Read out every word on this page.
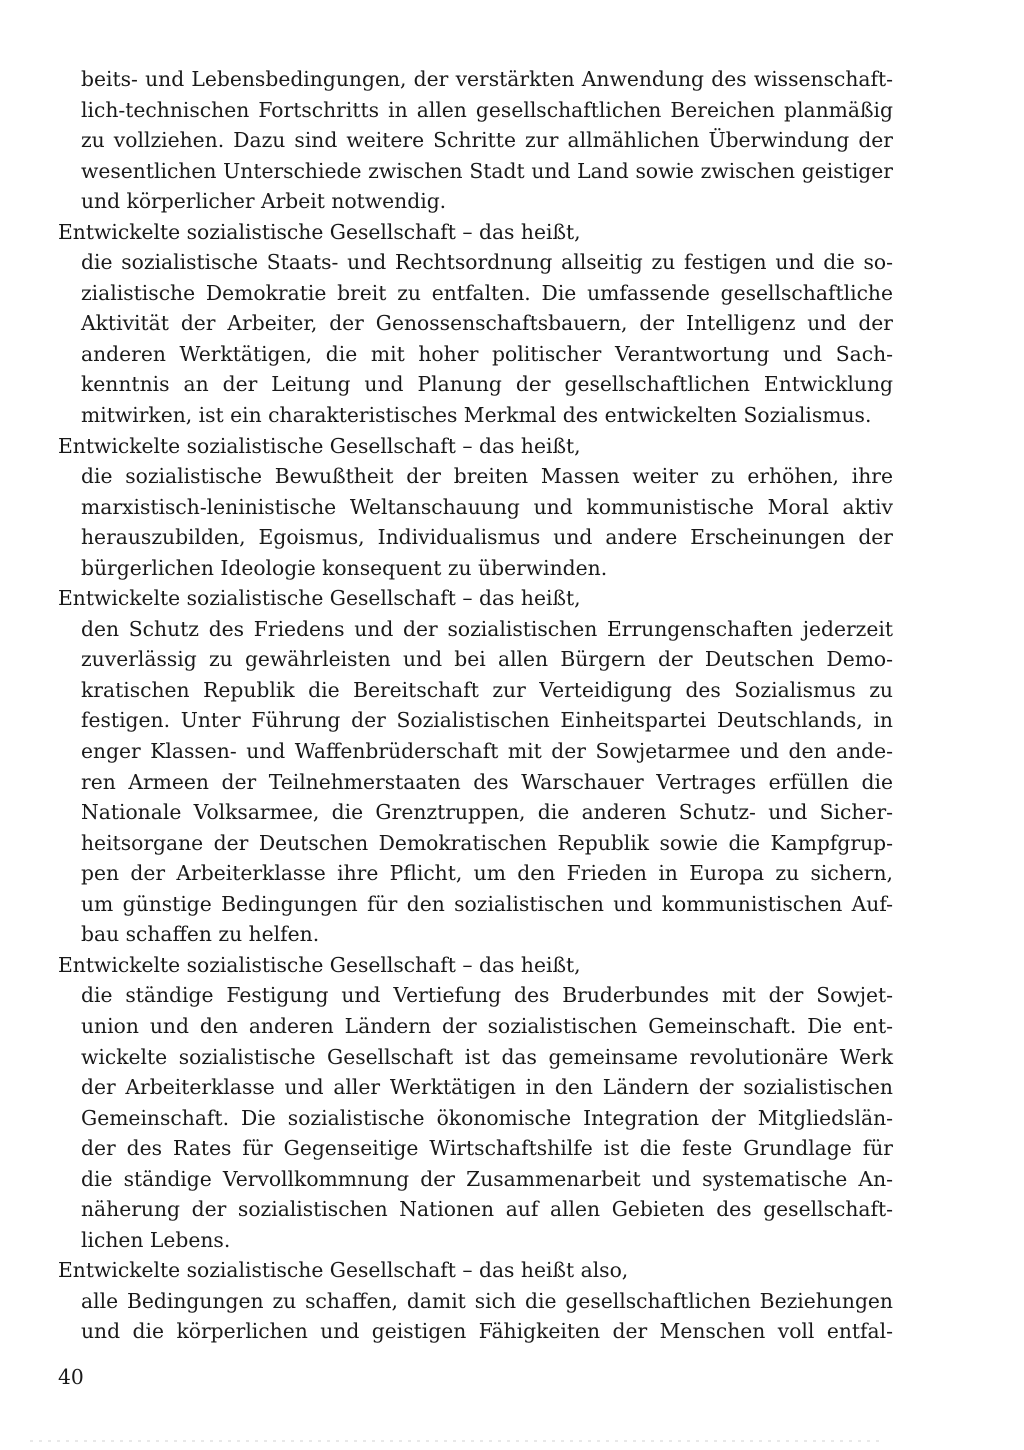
beits- und Lebensbedingungen, der verstärkten Anwendung des wissenschaft-
lich-technischen Fortschritts in allen gesellschaftlichen Bereichen planmäßig
zu vollziehen. Dazu sind weitere Schritte zur allmählichen Überwindung der
wesentlichen Unterschiede zwischen Stadt und Land sowie zwischen geistiger
und körperlicher Arbeit notwendig.
Entwickelte sozialistische Gesellschaft – das heißt,
die sozialistische Staats- und Rechtsordnung allseitig zu festigen und die so-
zialistische Demokratie breit zu entfalten. Die umfassende gesellschaftliche
Aktivität der Arbeiter, der Genossenschaftsbauern, der Intelligenz und der
anderen Werktätigen, die mit hoher politischer Verantwortung und Sach-
kenntnis an der Leitung und Planung der gesellschaftlichen Entwicklung
mitwirken, ist ein charakteristisches Merkmal des entwickelten Sozialismus.
Entwickelte sozialistische Gesellschaft – das heißt,
die sozialistische Bewußtheit der breiten Massen weiter zu erhöhen, ihre
marxistisch-leninistische Weltanschauung und kommunistische Moral aktiv
herauszubilden, Egoismus, Individualismus und andere Erscheinungen der
bürgerlichen Ideologie konsequent zu überwinden.
Entwickelte sozialistische Gesellschaft – das heißt,
den Schutz des Friedens und der sozialistischen Errungenschaften jederzeit
zuverlässig zu gewährleisten und bei allen Bürgern der Deutschen Demo-
kratischen Republik die Bereitschaft zur Verteidigung des Sozialismus zu
festigen. Unter Führung der Sozialistischen Einheitspartei Deutschlands, in
enger Klassen- und Waffenbrüderschaft mit der Sowjetarmee und den ande-
ren Armeen der Teilnehmerstaaten des Warschauer Vertrages erfüllen die
Nationale Volksarmee, die Grenztruppen, die anderen Schutz- und Sicher-
heitsorgane der Deutschen Demokratischen Republik sowie die Kampfgrup-
pen der Arbeiterklasse ihre Pflicht, um den Frieden in Europa zu sichern,
um günstige Bedingungen für den sozialistischen und kommunistischen Auf-
bau schaffen zu helfen.
Entwickelte sozialistische Gesellschaft – das heißt,
die ständige Festigung und Vertiefung des Bruderbundes mit der Sowjet-
union und den anderen Ländern der sozialistischen Gemeinschaft. Die ent-
wickelte sozialistische Gesellschaft ist das gemeinsame revolutionäre Werk
der Arbeiterklasse und aller Werktätigen in den Ländern der sozialistischen
Gemeinschaft. Die sozialistische ökonomische Integration der Mitgliedslän-
der des Rates für Gegenseitige Wirtschaftshilfe ist die feste Grundlage für
die ständige Vervollkommnung der Zusammenarbeit und systematische An-
näherung der sozialistischen Nationen auf allen Gebieten des gesellschaft-
lichen Lebens.
Entwickelte sozialistische Gesellschaft – das heißt also,
alle Bedingungen zu schaffen, damit sich die gesellschaftlichen Beziehungen
und die körperlichen und geistigen Fähigkeiten der Menschen voll entfal-
40
